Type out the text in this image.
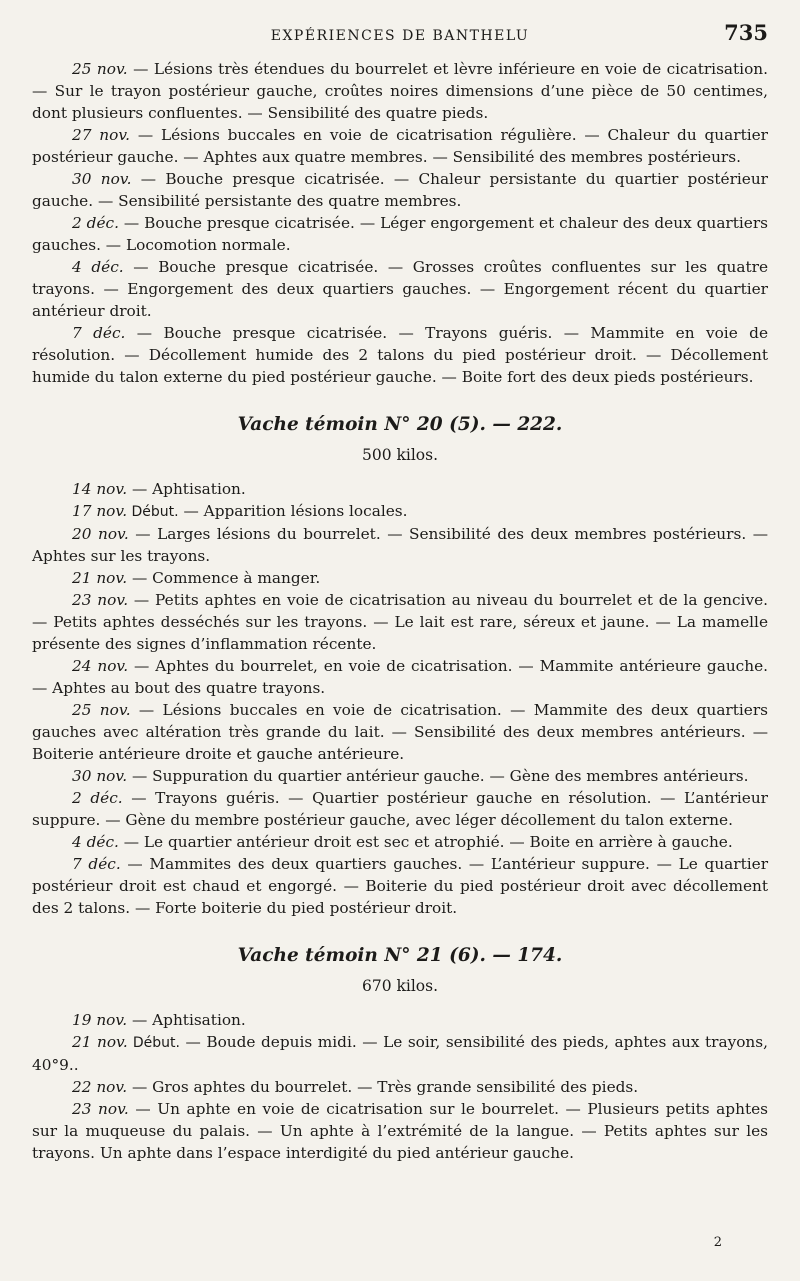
EXPÉRIENCES DE BANTHELU	735

25 nov. — Lésions très étendues du bourrelet et lèvre inférieure en voie de cicatrisation. — Sur le trayon postérieur gauche, croûtes noires dimensions d’une pièce de 50 centimes, dont plusieurs confluentes. — Sensibilité des quatre pieds.

27 nov. — Lésions buccales en voie de cicatrisation régulière. — Chaleur du quartier postérieur gauche. — Aphtes aux quatre membres. — Sensibilité des membres postérieurs.

30 nov. — Bouche presque cicatrisée. — Chaleur persistante du quartier postérieur gauche. — Sensibilité persistante des quatre membres.

2 déc. — Bouche presque cicatrisée. — Léger engorgement et chaleur des deux quartiers gauches. — Locomotion normale.

4 déc. — Bouche presque cicatrisée. — Grosses croûtes confluentes sur les quatre trayons. — Engorgement des deux quartiers gauches. — Engorgement récent du quartier antérieur droit.

7 déc. — Bouche presque cicatrisée. — Trayons guéris. — Mammite en voie de résolution. — Décollement humide des 2 talons du pied postérieur droit. — Décollement humide du talon externe du pied postérieur gauche. — Boite fort des deux pieds postérieurs.

Vache témoin N° 20 (5). — 222.
500 kilos.

14 nov. — Aphtisation.

17 nov. Début. — Apparition lésions locales.

20 nov. — Larges lésions du bourrelet. — Sensibilité des deux membres postérieurs. — Aphtes sur les trayons.

21 nov. — Commence à manger.

23 nov. — Petits aphtes en voie de cicatrisation au niveau du bourrelet et de la gencive. — Petits aphtes desséchés sur les trayons. — Le lait est rare, séreux et jaune. — La mamelle présente des signes d’inflammation récente.

24 nov. — Aphtes du bourrelet, en voie de cicatrisation. — Mammite antérieure gauche. — Aphtes au bout des quatre trayons.

25 nov. — Lésions buccales en voie de cicatrisation. — Mammite des deux quartiers gauches avec altération très grande du lait. — Sensibilité des deux membres antérieurs. — Boiterie antérieure droite et gauche antérieure.

30 nov. — Suppuration du quartier antérieur gauche. — Gène des membres antérieurs.

2 déc. — Trayons guéris. — Quartier postérieur gauche en résolution. — L’antérieur suppure. — Gène du membre postérieur gauche, avec léger décollement du talon externe.

4 déc. — Le quartier antérieur droit est sec et atrophié. — Boite en arrière à gauche.

7 déc. — Mammites des deux quartiers gauches. — L’antérieur suppure. — Le quartier postérieur droit est chaud et engorgé. — Boiterie du pied postérieur droit avec décollement des 2 talons. — Forte boiterie du pied postérieur droit.

Vache témoin N° 21 (6). — 174.
670 kilos.

19 nov. — Aphtisation.

21 nov. Début. — Boude depuis midi. — Le soir, sensibilité des pieds, aphtes aux trayons, 40°9..

22 nov. — Gros aphtes du bourrelet. — Très grande sensibilité des pieds.

23 nov. — Un aphte en voie de cicatrisation sur le bourrelet. — Plusieurs petits aphtes sur la muqueuse du palais. — Un aphte à l’extrémité de la langue. — Petits aphtes sur les trayons. Un aphte dans l’espace interdigité du pied antérieur gauche.

2
